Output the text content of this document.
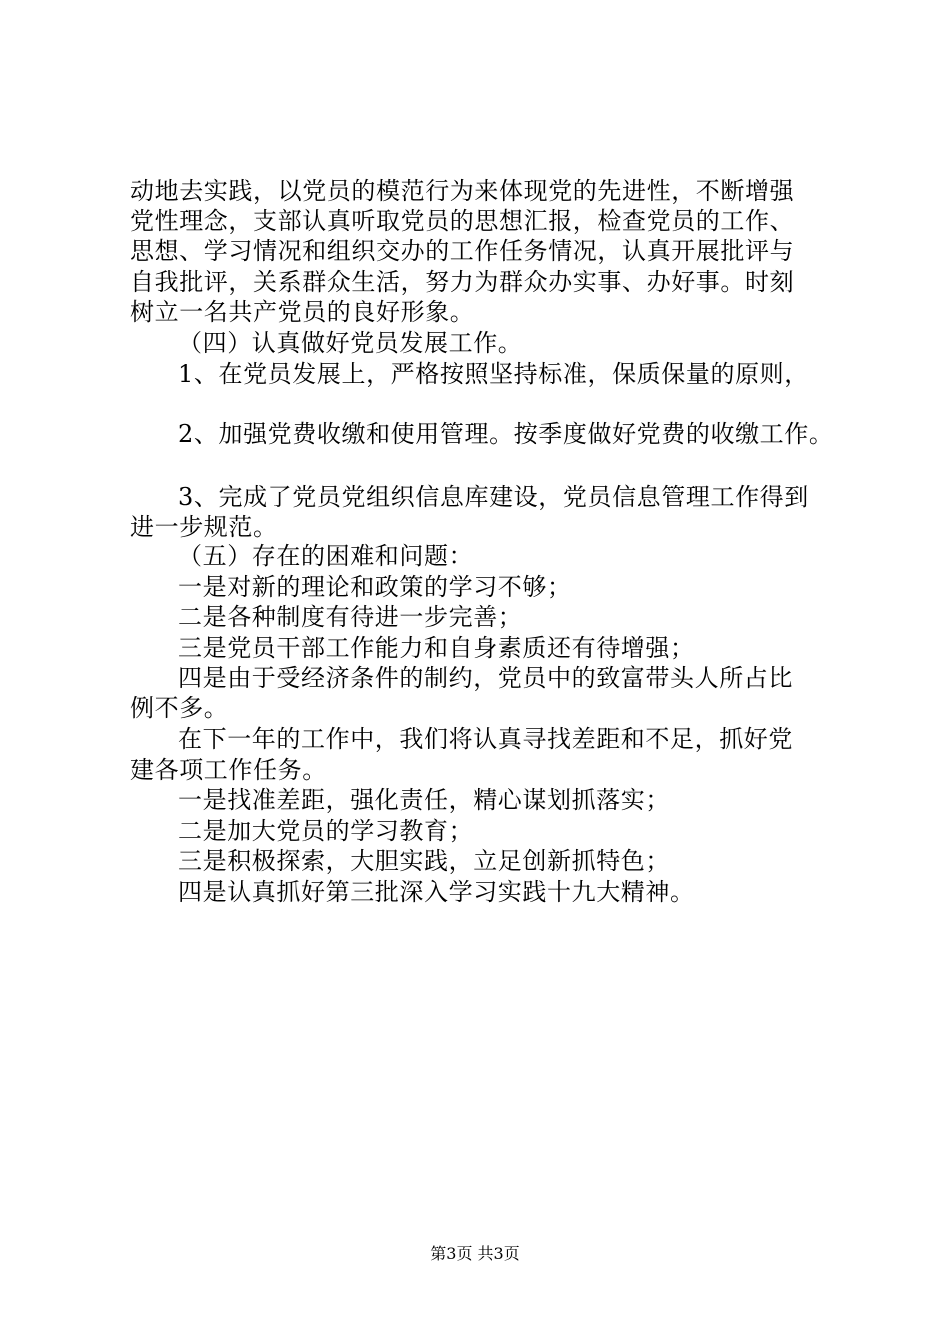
动地去实践，以党员的模范行为来体现党的先进性，不断增强
党性理念，支部认真听取党员的思想汇报，检查党员的工作、
思想、学习情况和组织交办的工作任务情况，认真开展批评与
自我批评，关系群众生活，努力为群众办实事、办好事。时刻
树立一名共产党员的良好形象。
（四）认真做好党员发展工作。
1、在党员发展上，严格按照坚持标准，保质保量的原则，
2、加强党费收缴和使用管理。按季度做好党费的收缴工作。
3、完成了党员党组织信息库建设，党员信息管理工作得到
进一步规范。
（五）存在的困难和问题：
一是对新的理论和政策的学习不够；
二是各种制度有待进一步完善；
三是党员干部工作能力和自身素质还有待增强；
四是由于受经济条件的制约，党员中的致富带头人所占比
例不多。
在下一年的工作中，我们将认真寻找差距和不足，抓好党
建各项工作任务。
一是找准差距，强化责任，精心谋划抓落实；
二是加大党员的学习教育；
三是积极探索，大胆实践，立足创新抓特色；
四是认真抓好第三批深入学习实践十九大精神。
第3页 共3页
